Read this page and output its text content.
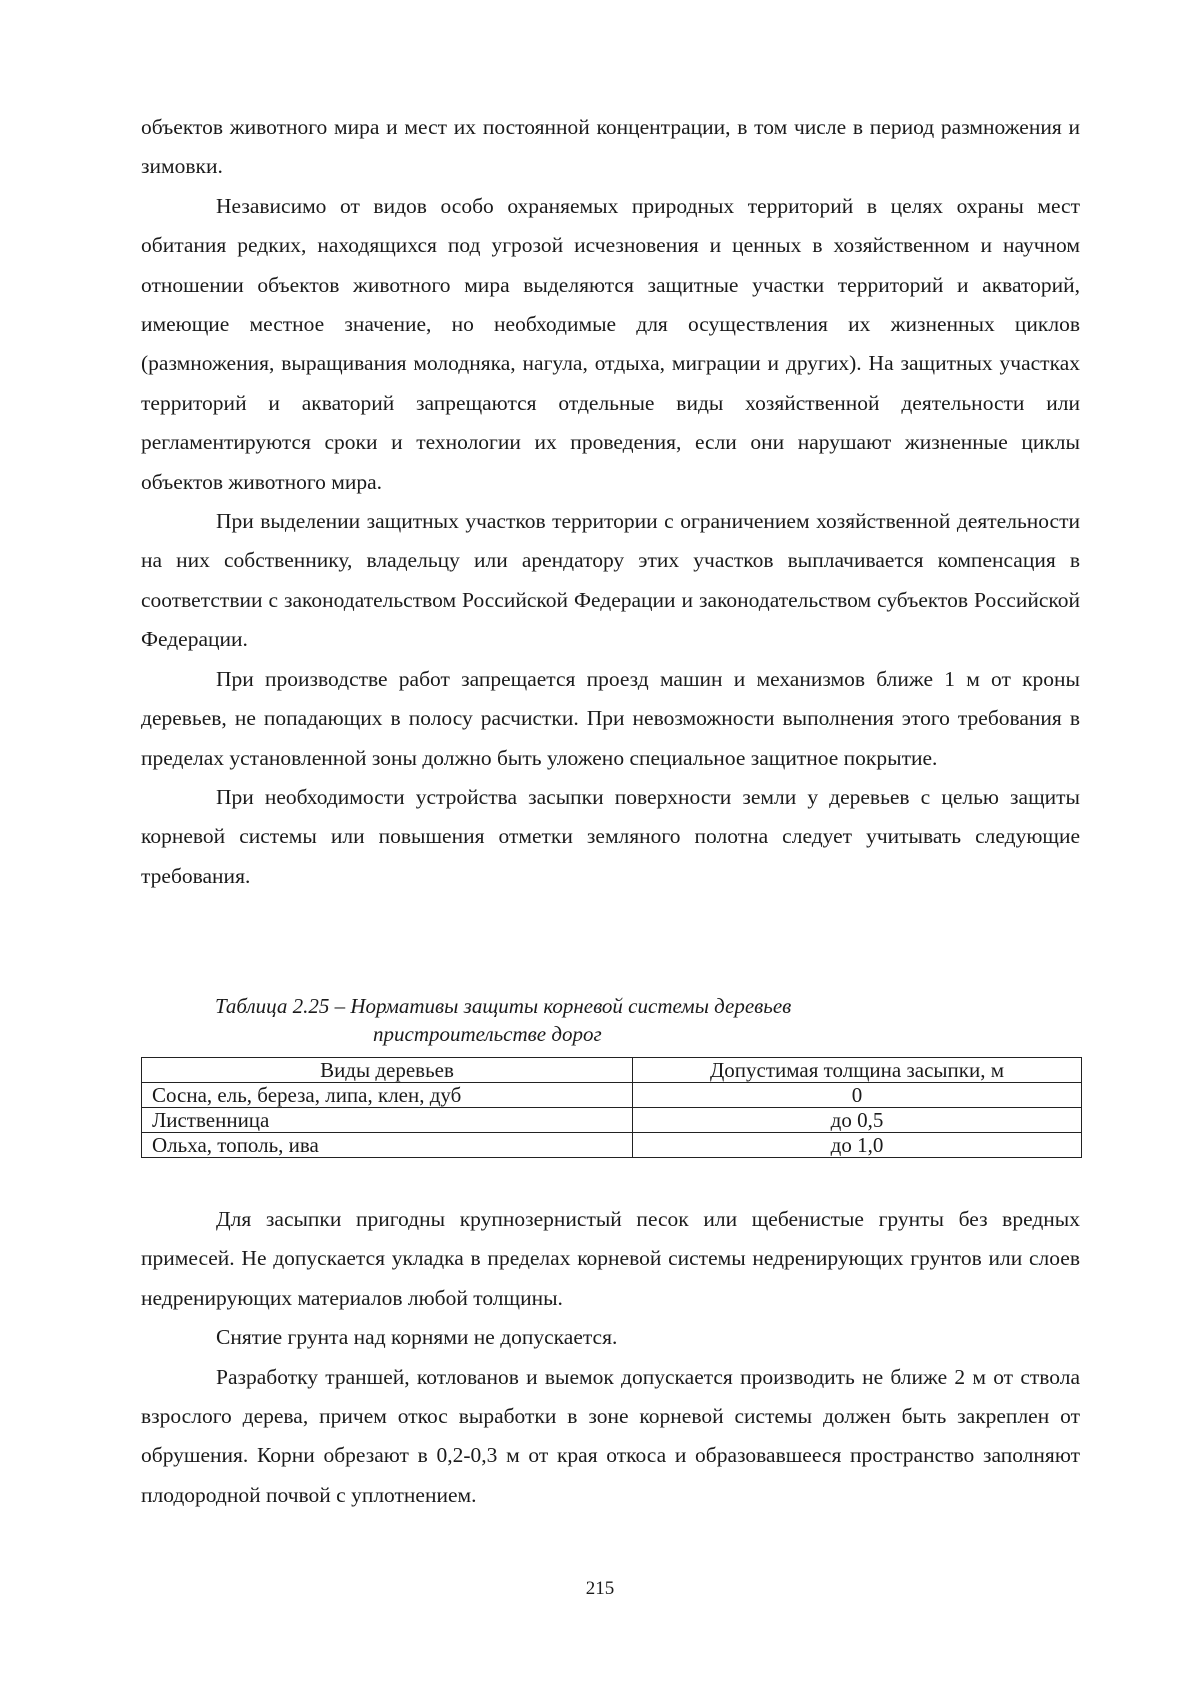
объектов животного мира и мест их постоянной концентрации, в том числе в период размножения и зимовки.

Независимо от видов особо охраняемых природных территорий в целях охраны мест обитания редких, находящихся под угрозой исчезновения и ценных в хозяйственном и научном отношении объектов животного мира выделяются защитные участки территорий и акваторий, имеющие местное значение, но необходимые для осуществления их жизненных циклов (размножения, выращивания молодняка, нагула, отдыха, миграции и других). На защитных участках территорий и акваторий запрещаются отдельные виды хозяйственной деятельности или регламентируются сроки и технологии их проведения, если они нарушают жизненные циклы объектов животного мира.

При выделении защитных участков территории с ограничением хозяйственной деятельности на них собственнику, владельцу или арендатору этих участков выплачивается компенсация в соответствии с законодательством Российской Федерации и законодательством субъектов Российской Федерации.

При производстве работ запрещается проезд машин и механизмов ближе 1 м от кроны деревьев, не попадающих в полосу расчистки. При невозможности выполнения этого требования в пределах установленной зоны должно быть уложено специальное защитное покрытие.

При необходимости устройства засыпки поверхности земли у деревьев с целью защиты корневой системы или повышения отметки земляного полотна следует учитывать следующие требования.

Таблица 2.25 – Нормативы защиты корневой системы деревьев
пристроительстве дорог
Виды деревьев	Допустимая толщина засыпки, м
Сосна, ель, береза, липа, клен, дуб	0
Лиственница	до 0,5
Ольха, тополь, ива	до 1,0

Для засыпки пригодны крупнозернистый песок или щебенистые грунты без вредных примесей. Не допускается укладка в пределах корневой системы недренирующих грунтов или слоев недренирующих материалов любой толщины.

Снятие грунта над корнями не допускается.

Разработку траншей, котлованов и выемок допускается производить не ближе 2 м от ствола взрослого дерева, причем откос выработки в зоне корневой системы должен быть закреплен от обрушения. Корни обрезают в 0,2-0,3 м от края откоса и образовавшееся пространство заполняют плодородной почвой с уплотнением.

215
